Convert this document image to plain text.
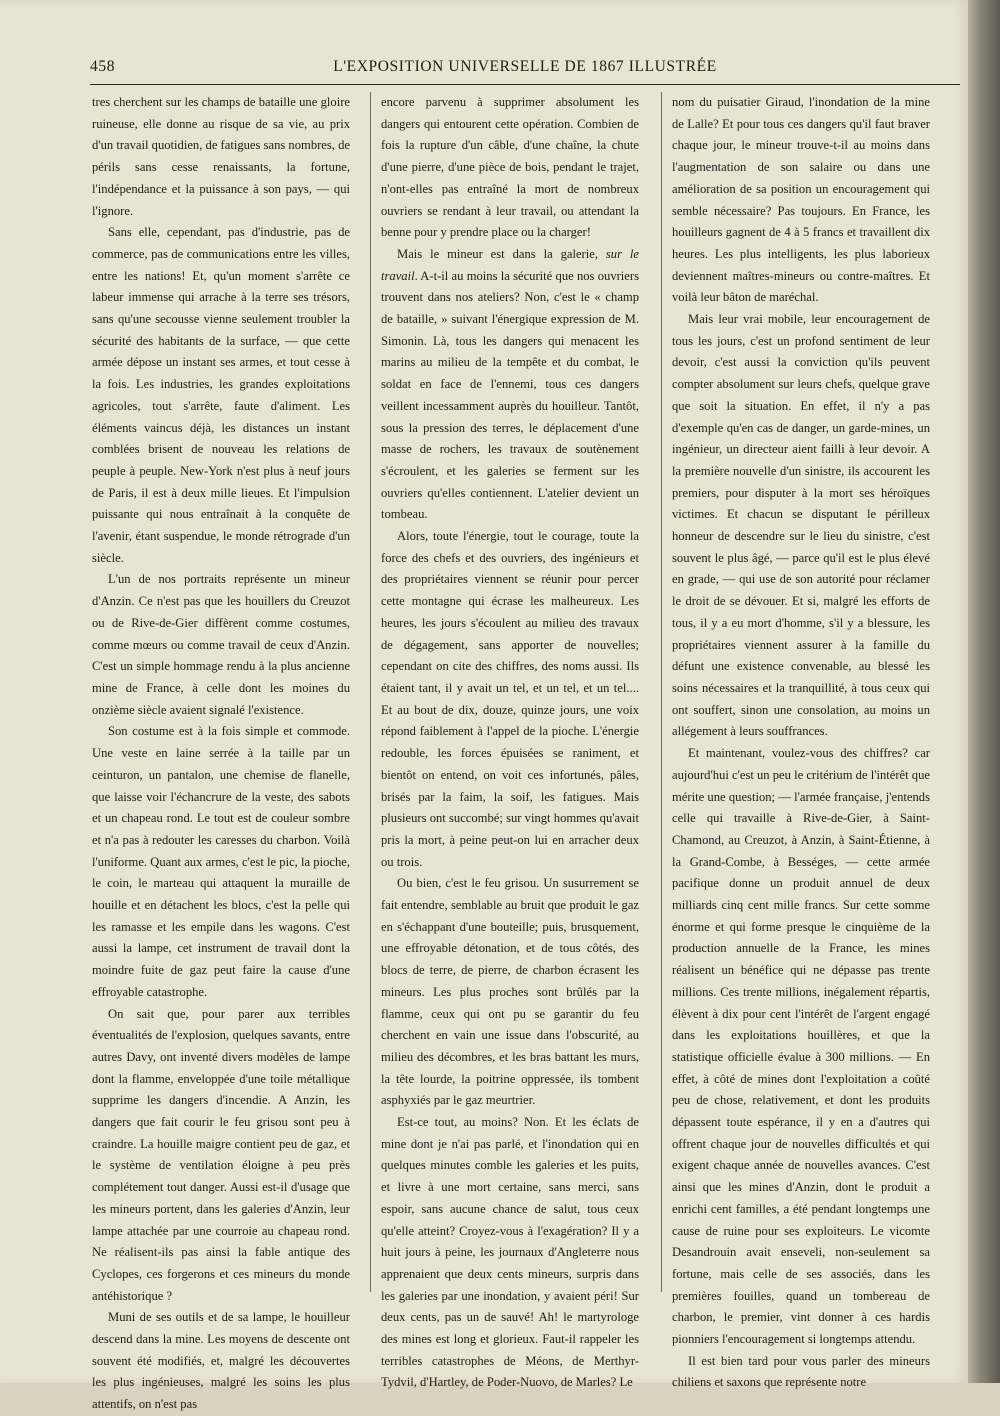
458	L'EXPOSITION UNIVERSELLE DE 1867 ILLUSTRÉE

tres cherchent sur les champs de bataille une gloire ruineuse, elle donne au risque de sa vie, au prix d'un travail quotidien, de fatigues sans nombres, de périls sans cesse renaissants, la fortune, l'indépendance et la puissance à son pays, — qui l'ignore.

Sans elle, cependant, pas d'industrie, pas de commerce, pas de communications entre les villes, entre les nations! Et, qu'un moment s'arrête ce labeur immense qui arrache à la terre ses trésors, sans qu'une secousse vienne seulement troubler la sécurité des habitants de la surface, — que cette armée dépose un instant ses armes, et tout cesse à la fois. Les industries, les grandes exploitations agricoles, tout s'arrête, faute d'aliment. Les éléments vaincus déjà, les distances un instant comblées brisent de nouveau les relations de peuple à peuple. New-York n'est plus à neuf jours de Paris, il est à deux mille lieues. Et l'impulsion puissante qui nous entraînait à la conquête de l'avenir, étant suspendue, le monde rétrograde d'un siècle.

L'un de nos portraits représente un mineur d'Anzin. Ce n'est pas que les houillers du Creuzot ou de Rive-de-Gier diffèrent comme costumes, comme mœurs ou comme travail de ceux d'Anzin. C'est un simple hommage rendu à la plus ancienne mine de France, à celle dont les moines du onzième siècle avaient signalé l'existence.

Son costume est à la fois simple et commode. Une veste en laine serrée à la taille par un ceinturon, un pantalon, une chemise de flanelle, que laisse voir l'échancrure de la veste, des sabots et un chapeau rond. Le tout est de couleur sombre et n'a pas à redouter les caresses du charbon. Voilà l'uniforme. Quant aux armes, c'est le pic, la pioche, le coin, le marteau qui attaquent la muraille de houille et en détachent les blocs, c'est la pelle qui les ramasse et les empile dans les wagons. C'est aussi la lampe, cet instrument de travail dont la moindre fuite de gaz peut faire la cause d'une effroyable catastrophe.

On sait que, pour parer aux terribles éventualités de l'explosion, quelques savants, entre autres Davy, ont inventé divers modèles de lampe dont la flamme, enveloppée d'une toile métallique supprime les dangers d'incendie. A Anzin, les dangers que fait courir le feu grisou sont peu à craindre. La houille maigre contient peu de gaz, et le système de ventilation éloigne à peu près complétement tout danger. Aussi est-il d'usage que les mineurs portent, dans les galeries d'Anzin, leur lampe attachée par une courroie au chapeau rond. Ne réalisent-ils pas ainsi la fable antique des Cyclopes, ces forgerons et ces mineurs du monde antéhistorique ?

Muni de ses outils et de sa lampe, le houilleur descend dans la mine. Les moyens de descente ont souvent été modifiés, et, malgré les découvertes les plus ingénieuses, malgré les soins les plus attentifs, on n'est pas

encore parvenu à supprimer absolument les dangers qui entourent cette opération. Combien de fois la rupture d'un câble, d'une chaîne, la chute d'une pierre, d'une pièce de bois, pendant le trajet, n'ont-elles pas entraîné la mort de nombreux ouvriers se rendant à leur travail, ou attendant la benne pour y prendre place ou la charger!

Mais le mineur est dans la galerie, sur le travail. A-t-il au moins la sécurité que nos ouvriers trouvent dans nos ateliers? Non, c'est le « champ de bataille, » suivant l'énergique expression de M. Simonin. Là, tous les dangers qui menacent les marins au milieu de la tempête et du combat, le soldat en face de l'ennemi, tous ces dangers veillent incessamment auprès du houilleur. Tantôt, sous la pression des terres, le déplacement d'une masse de rochers, les travaux de soutènement s'écroulent, et les galeries se ferment sur les ouvriers qu'elles contiennent. L'atelier devient un tombeau.

Alors, toute l'énergie, tout le courage, toute la force des chefs et des ouvriers, des ingénieurs et des propriétaires viennent se réunir pour percer cette montagne qui écrase les malheureux. Les heures, les jours s'écoulent au milieu des travaux de dégagement, sans apporter de nouvelles; cependant on cite des chiffres, des noms aussi. Ils étaient tant, il y avait un tel, et un tel, et un tel.... Et au bout de dix, douze, quinze jours, une voix répond faiblement à l'appel de la pioche. L'énergie redouble, les forces épuisées se raniment, et bientôt on entend, on voit ces infortunés, pâles, brisés par la faim, la soif, les fatigues. Mais plusieurs ont succombé; sur vingt hommes qu'avait pris la mort, à peine peut-on lui en arracher deux ou trois.

Ou bien, c'est le feu grisou. Un susurrement se fait entendre, semblable au bruit que produit le gaz en s'échappant d'une bouteille; puis, brusquement, une effroyable détonation, et de tous côtés, des blocs de terre, de pierre, de charbon écrasent les mineurs. Les plus proches sont brûlés par la flamme, ceux qui ont pu se garantir du feu cherchent en vain une issue dans l'obscurité, au milieu des décombres, et les bras battant les murs, la tête lourde, la poitrine oppressée, ils tombent asphyxiés par le gaz meurtrier.

Est-ce tout, au moins? Non. Et les éclats de mine dont je n'ai pas parlé, et l'inondation qui en quelques minutes comble les galeries et les puits, et livre à une mort certaine, sans merci, sans espoir, sans aucune chance de salut, tous ceux qu'elle atteint? Croyez-vous à l'exagération? Il y a huit jours à peine, les journaux d'Angleterre nous apprenaient que deux cents mineurs, surpris dans les galeries par une inondation, y avaient péri! Sur deux cents, pas un de sauvé! Ah! le martyrologe des mines est long et glorieux. Faut-il rappeler les terribles catastrophes de Méons, de Merthyr-Tydvil, d'Hartley, de Poder-Nuovo, de Marles? Le

nom du puisatier Giraud, l'inondation de la mine de Lalle? Et pour tous ces dangers qu'il faut braver chaque jour, le mineur trouve-t-il au moins dans l'augmentation de son salaire ou dans une amélioration de sa position un encouragement qui semble nécessaire? Pas toujours. En France, les houilleurs gagnent de 4 à 5 francs et travaillent dix heures. Les plus intelligents, les plus laborieux deviennent maîtres-mineurs ou contre-maîtres. Et voilà leur bâton de maréchal.

Mais leur vrai mobile, leur encouragement de tous les jours, c'est un profond sentiment de leur devoir, c'est aussi la conviction qu'ils peuvent compter absolument sur leurs chefs, quelque grave que soit la situation. En effet, il n'y a pas d'exemple qu'en cas de danger, un garde-mines, un ingénieur, un directeur aient failli à leur devoir. A la première nouvelle d'un sinistre, ils accourent les premiers, pour disputer à la mort ses héroïques victimes. Et chacun se disputant le périlleux honneur de descendre sur le lieu du sinistre, c'est souvent le plus âgé, — parce qu'il est le plus élevé en grade, — qui use de son autorité pour réclamer le droit de se dévouer. Et si, malgré les efforts de tous, il y a eu mort d'homme, s'il y a blessure, les propriétaires viennent assurer à la famille du défunt une existence convenable, au blessé les soins nécessaires et la tranquillité, à tous ceux qui ont souffert, sinon une consolation, au moins un allégement à leurs souffrances.

Et maintenant, voulez-vous des chiffres? car aujourd'hui c'est un peu le critérium de l'intérêt que mérite une question; — l'armée française, j'entends celle qui travaille à Rive-de-Gier, à Saint-Chamond, au Creuzot, à Anzin, à Saint-Étienne, à la Grand-Combe, à Bességes, — cette armée pacifique donne un produit annuel de deux milliards cinq cent mille francs. Sur cette somme énorme et qui forme presque le cinquième de la production annuelle de la France, les mines réalisent un bénéfice qui ne dépasse pas trente millions. Ces trente millions, inégalement répartis, élèvent à dix pour cent l'intérêt de l'argent engagé dans les exploitations houillères, et que la statistique officielle évalue à 300 millions. — En effet, à côté de mines dont l'exploitation a coûté peu de chose, relativement, et dont les produits dépassent toute espérance, il y en a d'autres qui offrent chaque jour de nouvelles difficultés et qui exigent chaque année de nouvelles avances. C'est ainsi que les mines d'Anzin, dont le produit a enrichi cent familles, a été pendant longtemps une cause de ruine pour ses exploiteurs. Le vicomte Desandrouin avait enseveli, non-seulement sa fortune, mais celle de ses associés, dans les premières fouilles, quand un tombereau de charbon, le premier, vint donner à ces hardis pionniers l'encouragement si longtemps attendu.

Il est bien tard pour vous parler des mineurs chiliens et saxons que représente notre
